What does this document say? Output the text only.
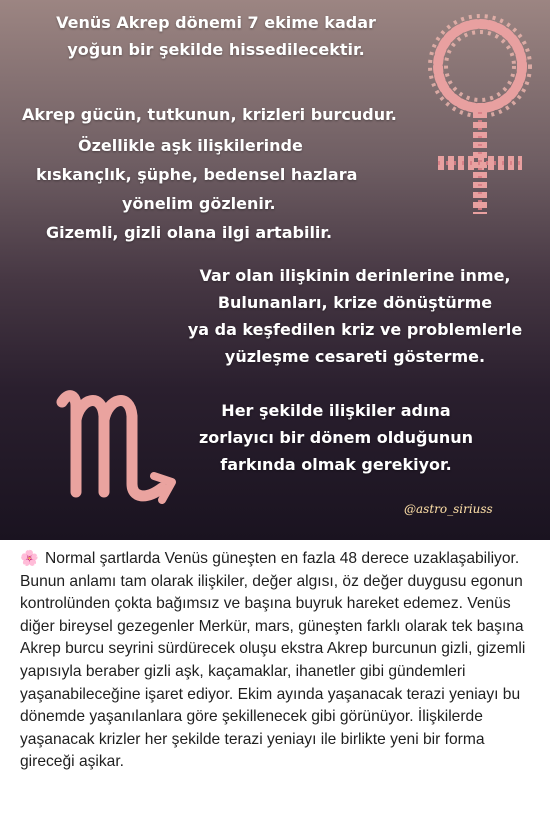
Venüs Akrep dönemi 7 ekime kadar
yoğun bir şekilde hissedilecektir.
Akrep gücün, tutkunun, krizleri burcudur.
Özellikle aşk ilişkilerinde
kıskançlık, şüphe, bedensel hazlara
yönelim gözlenir.
Gizemli, gizli olana ilgi artabilir.
Var olan ilişkinin derinlerine inme,
Bulunanları, krize dönüştürme
ya da keşfedilen kriz ve problemlerle
yüzleşme cesareti gösterme.
Her şekilde ilişkiler adına
zorlayıcı bir dönem olduğunun
farkında olmak gerekiyor.
@astro_siriuss
🌸 Normal şartlarda Venüs güneşten en fazla 48 derece uzaklaşabiliyor. Bunun anlamı tam olarak ilişkiler, değer algısı, öz değer duygusu egonun kontrolünden çokta bağımsız ve başına buyruk hareket edemez. Venüs diğer bireysel gezegenler Merkür, mars, güneşten farklı olarak tek başına Akrep burcu seyrini sürdürecek oluşu ekstra Akrep burcunun gizli, gizemli yapısıyla beraber gizli aşk, kaçamaklar, ihanetler gibi gündemleri yaşanabileceğine işaret ediyor. Ekim ayında yaşanacak terazi yeniayı bu dönemde yaşanılanlara göre şekillenecek gibi görünüyor. İlişkilerde yaşanacak krizler her şekilde terazi yeniayı ile birlikte yeni bir forma gireceği aşikar.
